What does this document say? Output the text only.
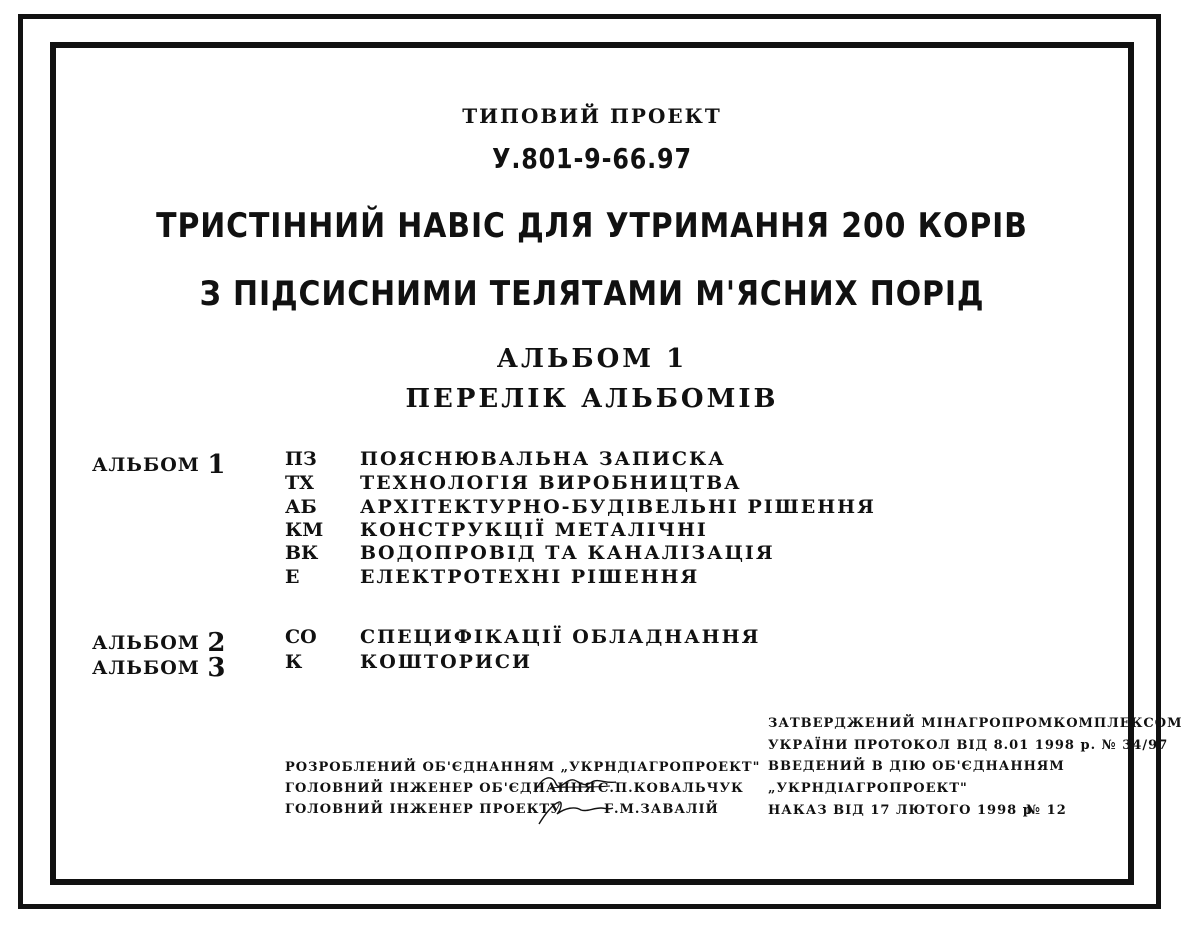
ТИПОВИЙ ПРОЕКТ
У.801-9-66.97
ТРИСТІННИЙ НАВІС ДЛЯ УТРИМАННЯ 200 КОРІВ
З ПІДСИСНИМИ ТЕЛЯТАМИ М'ЯСНИХ ПОРІД
АЛЬБОМ 1
ПЕРЕЛІК АЛЬБОМІВ
АЛЬБОМ 1	ПЗ ПОЯСНЮВАЛЬНА ЗАПИСКА
ТХ ТЕХНОЛОГІЯ ВИРОБНИЦТВА
АБ АРХІТЕКТУРНО-БУДІВЕЛЬНІ РІШЕННЯ
КМ КОНСТРУКЦІЇ МЕТАЛІЧНІ
ВК ВОДОПРОВІД ТА КАНАЛІЗАЦІЯ
Е	ЕЛЕКТРОТЕХНІ РІШЕННЯ
АЛЬБОМ 2	СО СПЕЦИФІКАЦІЇ ОБЛАДНАННЯ
АЛЬБОМ 3	К	КОШТОРИСИ
РОЗРОБЛЕНИЙ ОБ'ЄДНАННЯМ „УКРНДІАГРОПРОЕКТ"
ГОЛОВНИЙ ІНЖЕНЕР ОБ'ЄДНАННЯ С.П.КОВАЛЬЧУК
ГОЛОВНИЙ ІНЖЕНЕР ПРОЕКТУ	Г.М.ЗАВАЛІЙ
ЗАТВЕРДЖЕНИЙ МІНАГРОПРОМКОМПЛЕКСОМ
УКРАЇНИ ПРОТОКОЛ ВІД 8.01 1998 р. № 34/97
ВВЕДЕНИЙ В ДІЮ ОБ'ЄДНАННЯМ
„УКРНДІАГРОПРОЕКТ"
НАКАЗ ВІД 17 ЛЮТОГО 1998 р
№ 12
